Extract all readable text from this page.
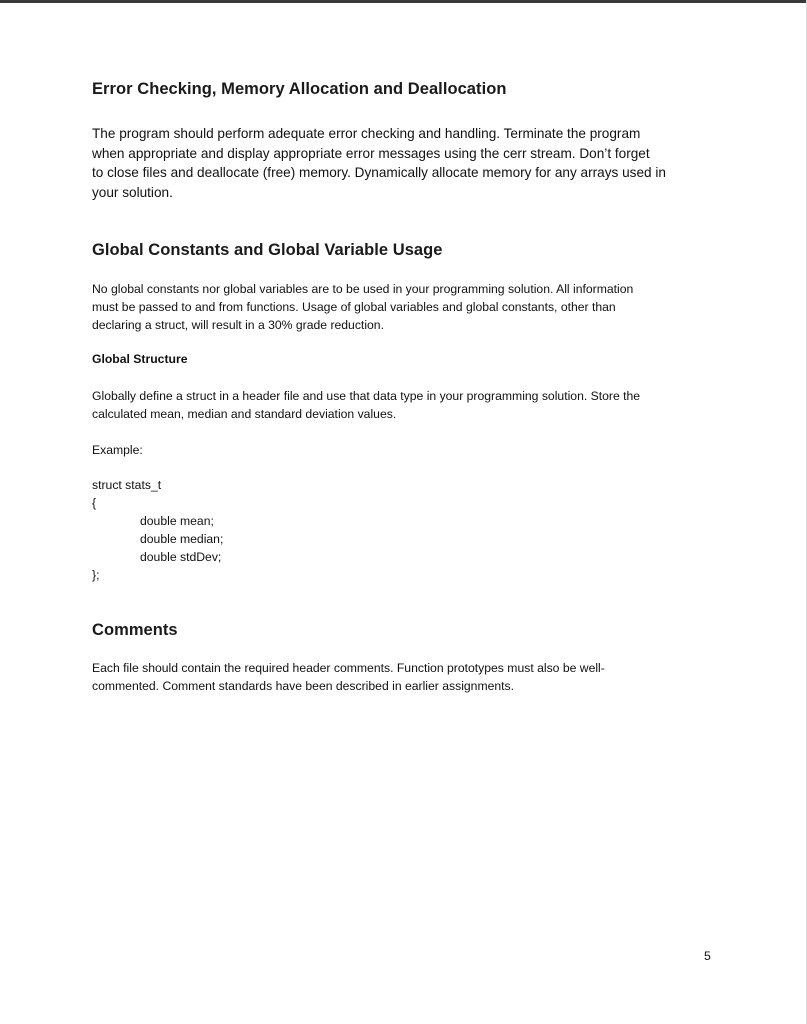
Error Checking, Memory Allocation and Deallocation
The program should perform adequate error checking and handling. Terminate the program
when appropriate and display appropriate error messages using the cerr stream. Don’t forget
to close files and deallocate (free) memory. Dynamically allocate memory for any arrays used in
your solution.
Global Constants and Global Variable Usage
No global constants nor global variables are to be used in your programming solution. All information
must be passed to and from functions. Usage of global variables and global constants, other than
declaring a struct, will result in a 30% grade reduction.
Global Structure
Globally define a struct in a header file and use that data type in your programming solution. Store the
calculated mean, median and standard deviation values.
Example:
struct stats_t
{
double mean;
double median;
double stdDev;
};
Comments
Each file should contain the required header comments. Function prototypes must also be well-
commented. Comment standards have been described in earlier assignments.
5
